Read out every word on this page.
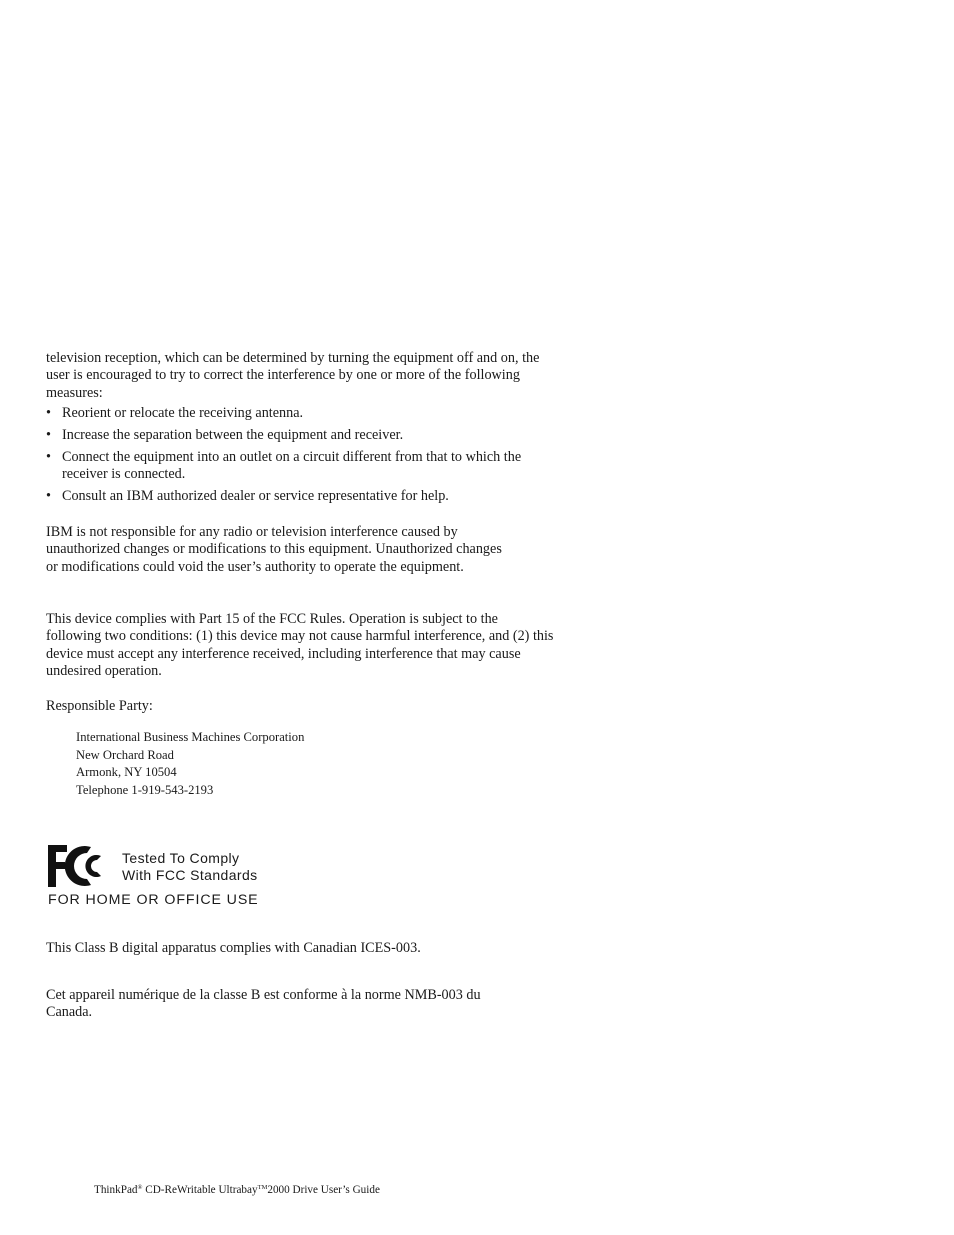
television reception, which can be determined by turning the equipment off and on, the user is encouraged to try to correct the interference by one or more of the following measures:

• Reorient or relocate the receiving antenna.
• Increase the separation between the equipment and receiver.
• Connect the equipment into an outlet on a circuit different from that to which the receiver is connected.
• Consult an IBM authorized dealer or service representative for help.

IBM is not responsible for any radio or television interference caused by unauthorized changes or modifications to this equipment. Unauthorized changes or modifications could void the user’s authority to operate the equipment.

This device complies with Part 15 of the FCC Rules. Operation is subject to the following two conditions: (1) this device may not cause harmful interference, and (2) this device must accept any interference received, including interference that may cause undesired operation.

Responsible Party:

International Business Machines Corporation
New Orchard Road
Armonk, NY 10504
Telephone 1-919-543-2193
Tested To Comply
With FCC Standards
FOR HOME OR OFFICE USE

This Class B digital apparatus complies with Canadian ICES-003.

Cet appareil numérique de la classe B est conforme à la norme NMB-003 du Canada.

ThinkPad® CD-ReWritable Ultrabay™2000 Drive User’s Guide
